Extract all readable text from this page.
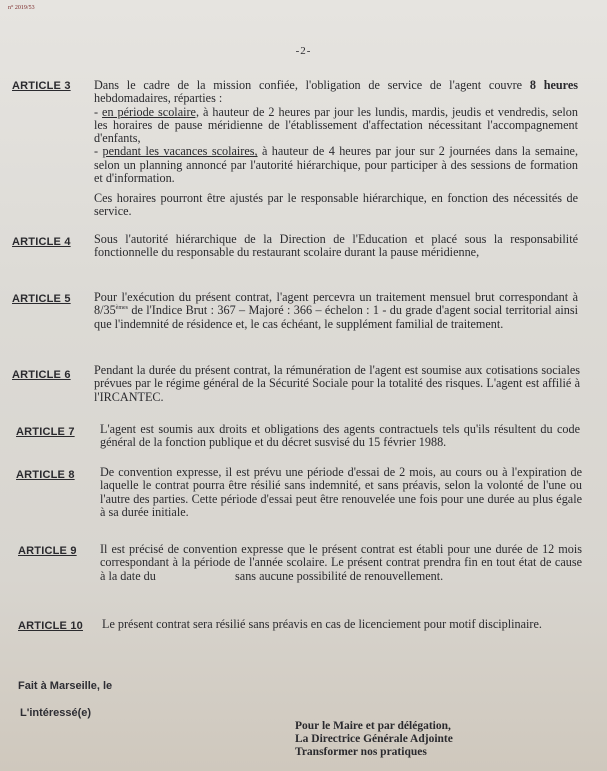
n° 2019/53
-2-
ARTICLE 3 Dans le cadre de la mission confiée, l'obligation de service de l'agent couvre 8 heures hebdomadaires, réparties :

- en période scolaire, à hauteur de 2 heures par jour les lundis, mardis, jeudis et vendredis, selon les horaires de pause méridienne de l'établissement d'affectation nécessitant l'accompagnement d'enfants,

- pendant les vacances scolaires, à hauteur de 4 heures par jour sur 2 journées dans la semaine, selon un planning annoncé par l'autorité hiérarchique, pour participer à des sessions de formation et d'information.

Ces horaires pourront être ajustés par le responsable hiérarchique, en fonction des nécessités de service.
ARTICLE 4 Sous l'autorité hiérarchique de la Direction de l'Education et placé sous la responsabilité fonctionnelle du responsable du restaurant scolaire durant la pause méridienne,
ARTICLE 5 Pour l'exécution du présent contrat, l'agent percevra un traitement mensuel brut correspondant à 8/35èmes de l'Indice Brut : 367 – Majoré : 366 – échelon : 1 - du grade d'agent social territorial ainsi que l'indemnité de résidence et, le cas échéant, le supplément familial de traitement.
ARTICLE 6 Pendant la durée du présent contrat, la rémunération de l'agent est soumise aux cotisations sociales prévues par le régime général de la Sécurité Sociale pour la totalité des risques. L'agent est affilié à l'IRCANTEC.
ARTICLE 7 L'agent est soumis aux droits et obligations des agents contractuels tels qu'ils résultent du code général de la fonction publique et du décret susvisé du 15 février 1988.
ARTICLE 8 De convention expresse, il est prévu une période d'essai de 2 mois, au cours ou à l'expiration de laquelle le contrat pourra être résilié sans indemnité, et sans préavis, selon la volonté de l'une ou l'autre des parties. Cette période d'essai peut être renouvelée une fois pour une durée au plus égale à sa durée initiale.
ARTICLE 9 Il est précisé de convention expresse que le présent contrat est établi pour une durée de 12 mois correspondant à la période de l'année scolaire. Le présent contrat prendra fin en tout état de cause à la date du                          sans aucune possibilité de renouvellement.
ARTICLE 10 Le présent contrat sera résilié sans préavis en cas de licenciement pour motif disciplinaire.
Fait à Marseille, le
L'intéressé(e)
Pour le Maire et par délégation,
La Directrice Générale Adjointe
Transformer nos pratiques
